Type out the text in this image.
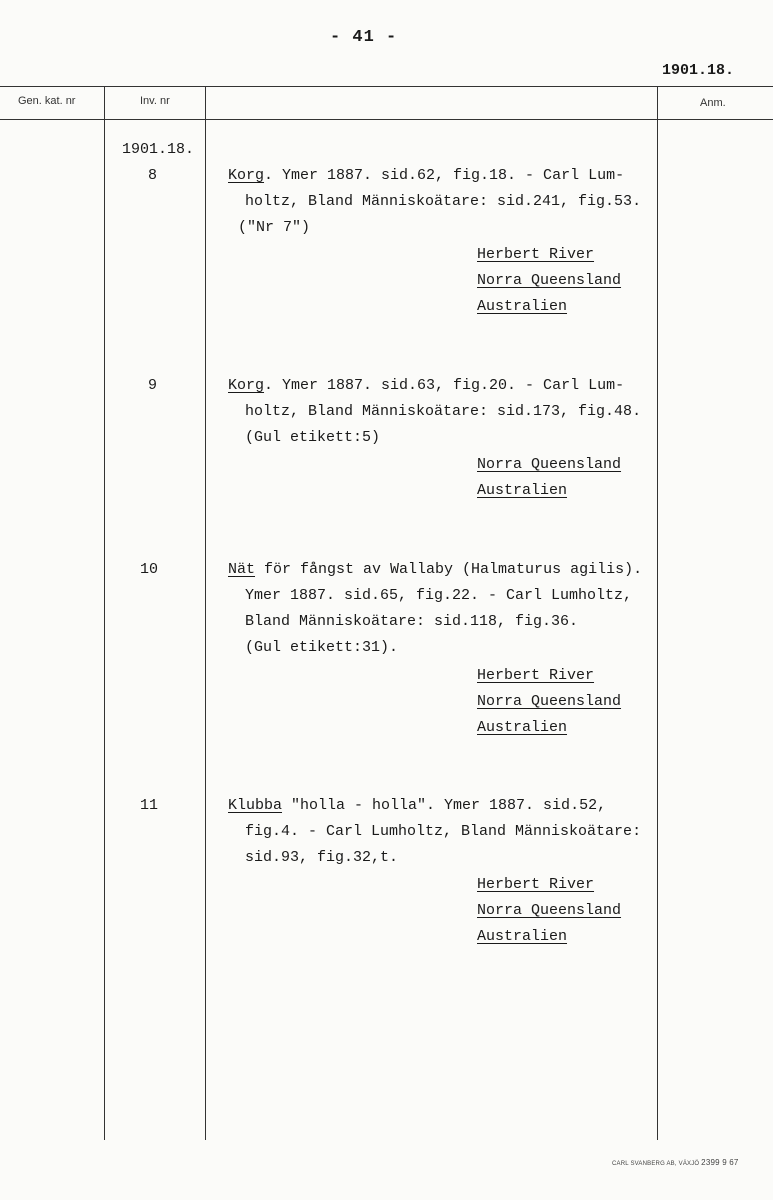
- 41 -
1901.18.
Gen. kat. nr	Inv. nr	Anm.
1901.18.
8	Korg. Ymer 1887. sid.62, fig.18. - Carl Lum-
holtz, Bland Människoätare: sid.241, fig.53.
("Nr 7")
Herbert River
Norra Queensland
Australien
9	Korg. Ymer 1887. sid.63, fig.20. - Carl Lum-
holtz, Bland Människoätare: sid.173, fig.48.
(Gul etikett:5)
Norra Queensland
Australien
10	Nät för fångst av Wallaby (Halmaturus agilis).
Ymer 1887. sid.65, fig.22. - Carl Lumholtz,
Bland Människoätare: sid.118, fig.36.
(Gul etikett:31).
Herbert River
Norra Queensland
Australien
11	Klubba "holla - holla". Ymer 1887. sid.52,
fig.4. - Carl Lumholtz, Bland Människoätare:
sid.93, fig.32,t.
Herbert River
Norra Queensland
Australien
CARL SVANBERG AB, VÄXJÖ 2399 9 67
